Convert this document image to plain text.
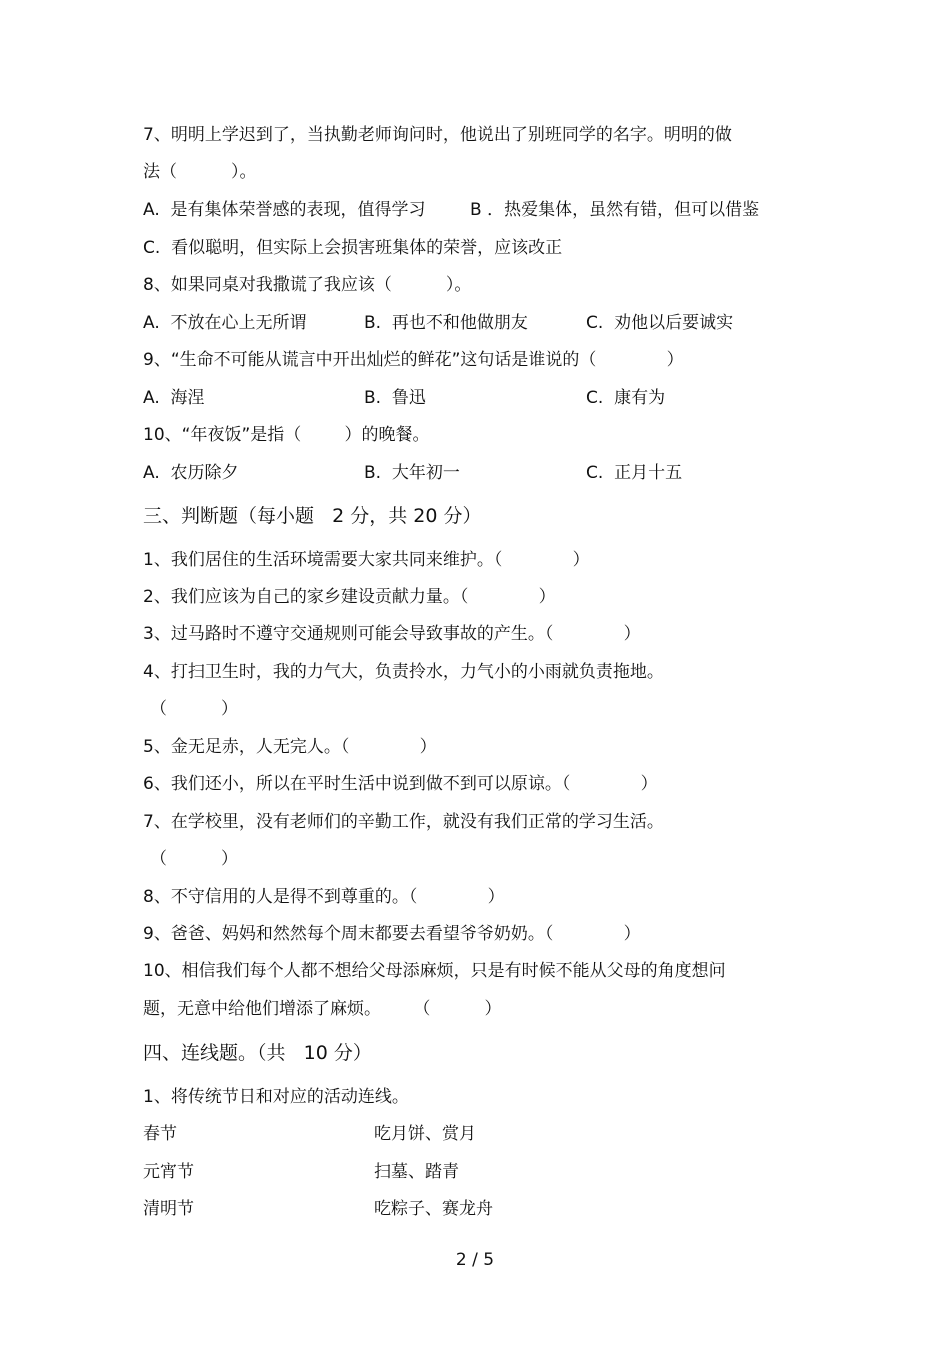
7、明明上学迟到了，当执勤老师询问时，他说出了别班同学的名字。明明的做
法（          ）。
A.  是有集体荣誉感的表现，值得学习	B ．热爱集体，虽然有错，但可以借鉴
C.  看似聪明，但实际上会损害班集体的荣誉，应该改正
8、如果同桌对我撒谎了我应该（          ）。
A.  不放在心上无所谓	B.  再也不和他做朋友	C.  劝他以后要诚实
9、“生命不可能从谎言中开出灿烂的鲜花”这句话是谁说的（             ）
A.  海涅	B.  鲁迅	C.  康有为
10、“年夜饭”是指（        ）的晚餐。
A.  农历除夕	B.  大年初一	C.  正月十五
三、判断题（每小题   2 分，共 20 分）
1、我们居住的生活环境需要大家共同来维护。（             ）
2、我们应该为自己的家乡建设贡献力量。（             ）
3、过马路时不遵守交通规则可能会导致事故的产生。（             ）
4、打扫卫生时，我的力气大，负责拎水，力气小的小雨就负责拖地。
（          ）
5、金无足赤，人无完人。（             ）
6、我们还小，所以在平时生活中说到做不到可以原谅。（             ）
7、在学校里，没有老师们的辛勤工作，就没有我们正常的学习生活。
（          ）
8、不守信用的人是得不到尊重的。（             ）
9、爸爸、妈妈和然然每个周末都要去看望爷爷奶奶。（             ）
10、相信我们每个人都不想给父母添麻烦，只是有时候不能从父母的角度想问
题，无意中给他们增添了麻烦。      （          ）
四、连线题。（共   10 分）
1、将传统节日和对应的活动连线。
春节	吃月饼、赏月
元宵节	扫墓、踏青
清明节	吃粽子、赛龙舟
2 / 5
